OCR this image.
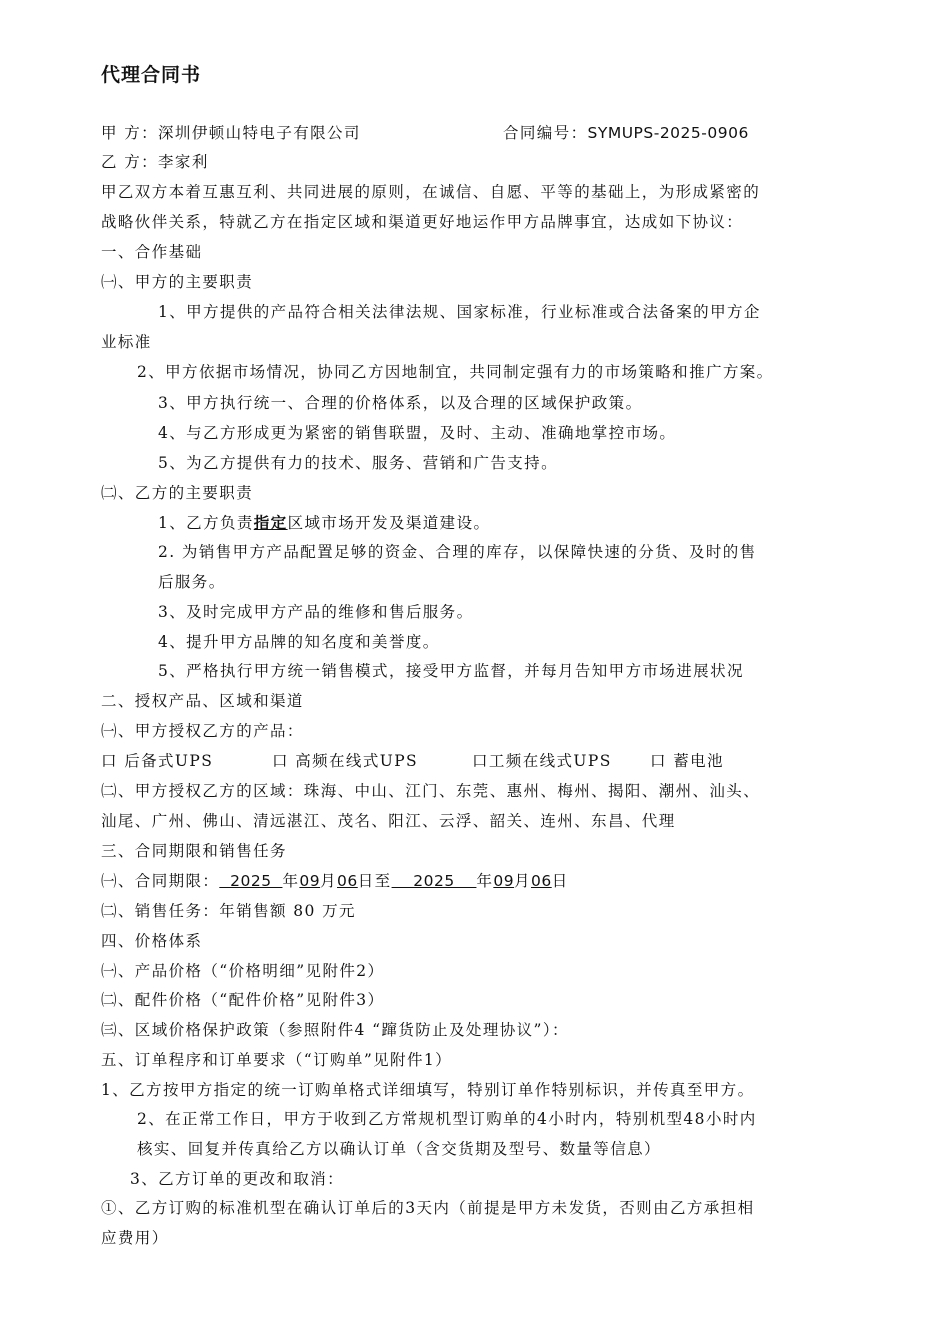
代理合同书
甲 方：深圳伊顿山特电子有限公司	合同编号：SYMUPS-2025-0906
乙 方：李家利
甲乙双方本着互惠互利、共同进展的原则，在诚信、自愿、平等的基础上，为形成紧密的
战略伙伴关系，特就乙方在指定区域和渠道更好地运作甲方品牌事宜，达成如下协议：
一、合作基础
㈠、甲方的主要职责
1、甲方提供的产品符合相关法律法规、国家标准，行业标准或合法备案的甲方企
业标准
2、甲方依据市场情况，协同乙方因地制宜，共同制定强有力的市场策略和推广方案。
3、甲方执行统一、合理的价格体系，以及合理的区域保护政策。
4、与乙方形成更为紧密的销售联盟，及时、主动、准确地掌控市场。
5、为乙方提供有力的技术、服务、营销和广告支持。
㈡、乙方的主要职责
1、乙方负责指定区域市场开发及渠道建设。
2. 为销售甲方产品配置足够的资金、合理的库存，以保障快速的分货、及时的售
后服务。
3、及时完成甲方产品的维修和售后服务。
4、提升甲方品牌的知名度和美誉度。
5、严格执行甲方统一销售模式，接受甲方监督，并每月告知甲方市场进展状况
二、授权产品、区域和渠道
㈠、甲方授权乙方的产品：
口 后备式UPS	口 高频在线式UPS	口工频在线式UPS 口 蓄电池
㈡、甲方授权乙方的区域：珠海、中山、江门、东莞、惠州、梅州、揭阳、潮州、汕头、
汕尾、广州、佛山、清远湛江、茂名、阳江、云浮、韶关、连州、东昌、代理
三、合同期限和销售任务
㈠、合同期限：  2025  年09月06日至    2025    年09月06日
㈡、销售任务：年销售额 80 万元
四、价格体系
㈠、产品价格（“价格明细”见附件2）
㈡、配件价格（“配件价格”见附件3）
㈢、区域价格保护政策（参照附件4 “蹿货防止及处理协议”）：
五、订单程序和订单要求（“订购单”见附件1）
1、乙方按甲方指定的统一订购单格式详细填写，特别订单作特别标识，并传真至甲方。
2、在正常工作日，甲方于收到乙方常规机型订购单的4小时内，特别机型48小时内
核实、回复并传真给乙方以确认订单（含交货期及型号、数量等信息）
3、乙方订单的更改和取消：
①、乙方订购的标准机型在确认订单后的3天内（前提是甲方未发货，否则由乙方承担相
应费用）
